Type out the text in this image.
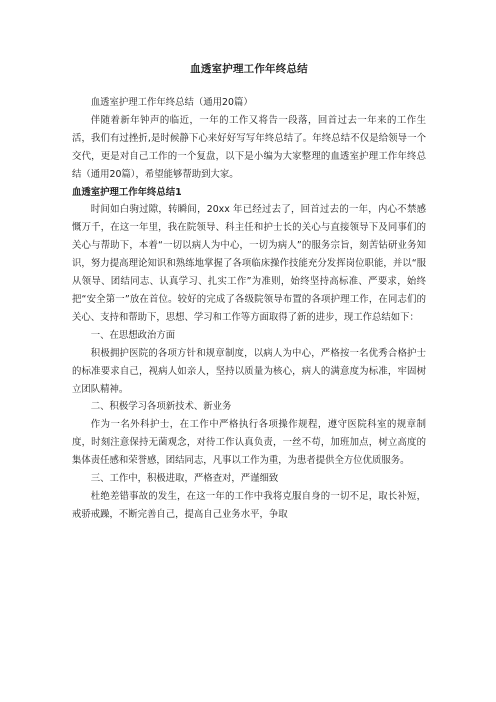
血透室护理工作年终总结

血透室护理工作年终总结（通用20篇）

伴随着新年钟声的临近，一年的工作又将告一段落，回首过去一年来的工作生活，我们有过挫折,是时候静下心来好好写写年终总结了。年终总结不仅是给领导一个交代，更是对自己工作的一个复盘，以下是小编为大家整理的血透室护理工作年终总结（通用20篇），希望能够帮助到大家。

血透室护理工作年终总结1

时间如白驹过隙，转瞬间，20xx 年已经过去了，回首过去的一年，内心不禁感慨万千，在这一年里，我在院领导、科主任和护士长的关心与直接领导下及同事们的关心与帮助下，本着“一切以病人为中心，一切为病人”的服务宗旨，刻苦钻研业务知识，努力提高理论知识和熟练地掌握了各项临床操作技能充分发挥岗位职能，并以“服从领导、团结同志、认真学习、扎实工作”为准则，始终坚持高标准、严要求，始终把“安全第一”放在首位。较好的完成了各级院领导布置的各项护理工作，在同志们的关心、支持和帮助下，思想、学习和工作等方面取得了新的进步，现工作总结如下：

一、在思想政治方面

积极拥护医院的各项方针和规章制度，以病人为中心，严格按一名优秀合格护士的标准要求自己，视病人如亲人，坚持以质量为核心，病人的满意度为标准，牢固树立团队精神。

二、积极学习各项新技术、新业务

作为一名外科护士，在工作中严格执行各项操作规程，遵守医院科室的规章制度，时刻注意保持无菌观念，对待工作认真负责，一丝不苟，加班加点，树立高度的集体责任感和荣誉感，团结同志，凡事以工作为重，为患者提供全方位优质服务。

三、工作中，积极进取，严格查对，严谨细致

杜绝差错事故的发生，在这一年的工作中我将克服自身的一切不足，取长补短，戒骄戒躁，不断完善自己，提高自己业务水平，争取
